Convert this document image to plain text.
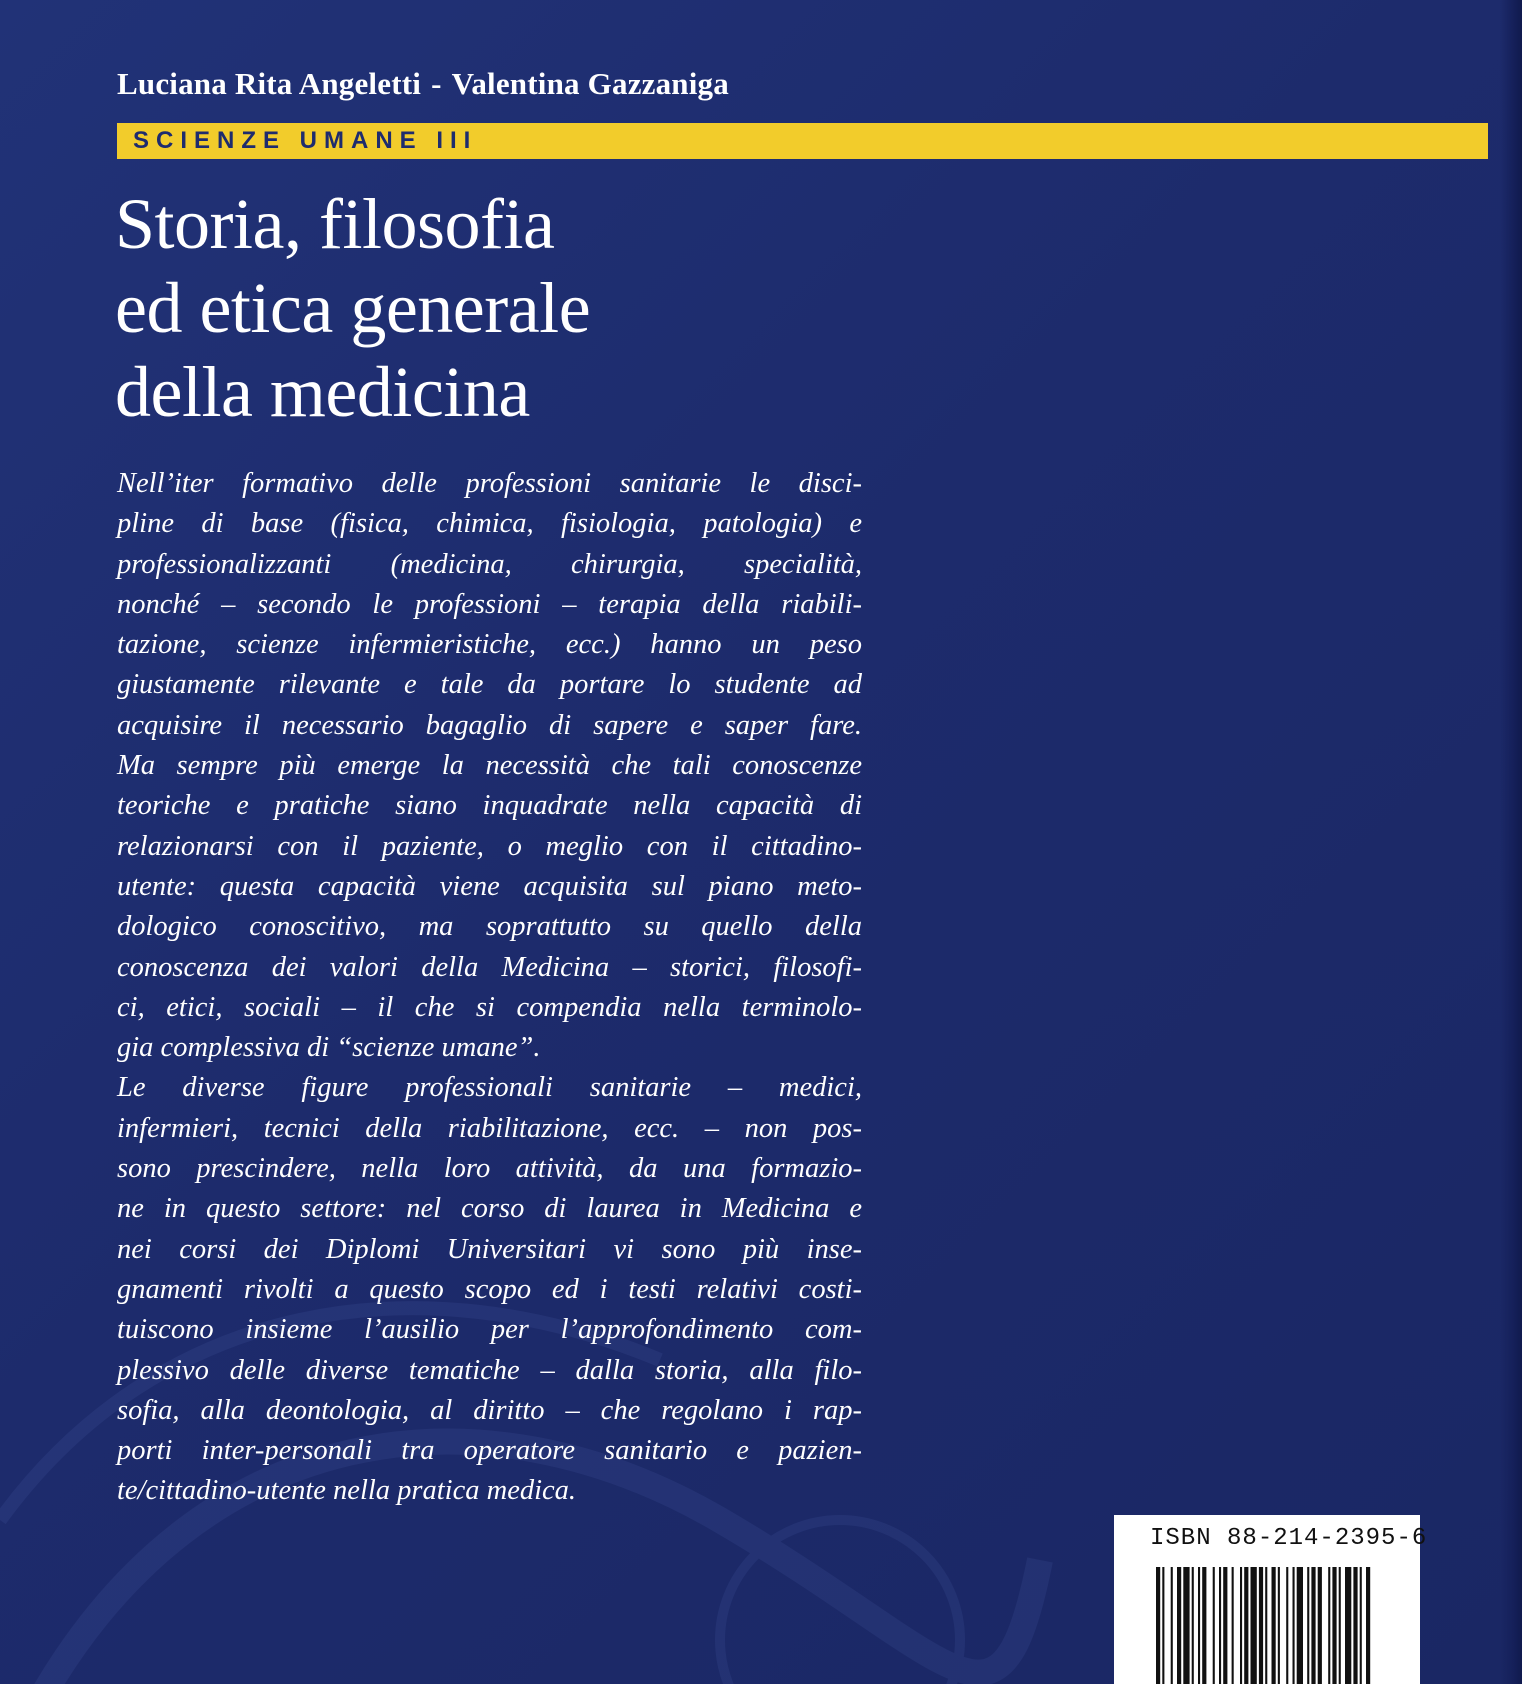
Luciana Rita Angeletti - Valentina Gazzaniga
SCIENZE UMANE III
Storia, filosofia
ed etica generale
della medicina
Nell’iter formativo delle professioni sanitarie le disci-
pline di base (fisica, chimica, fisiologia, patologia) e
professionalizzanti (medicina, chirurgia, specialità,
nonché – secondo le professioni – terapia della riabili-
tazione, scienze infermieristiche, ecc.) hanno un peso
giustamente rilevante e tale da portare lo studente ad
acquisire il necessario bagaglio di sapere e saper fare.
Ma sempre più emerge la necessità che tali conoscenze
teoriche e pratiche siano inquadrate nella capacità di
relazionarsi con il paziente, o meglio con il cittadino-
utente: questa capacità viene acquisita sul piano meto-
dologico conoscitivo, ma soprattutto su quello della
conoscenza dei valori della Medicina – storici, filosofi-
ci, etici, sociali – il che si compendia nella terminolo-
gia complessiva di “scienze umane”.
Le diverse figure professionali sanitarie – medici,
infermieri, tecnici della riabilitazione, ecc. – non pos-
sono prescindere, nella loro attività, da una formazio-
ne in questo settore: nel corso di laurea in Medicina e
nei corsi dei Diplomi Universitari vi sono più inse-
gnamenti rivolti a questo scopo ed i testi relativi costi-
tuiscono insieme l’ausilio per l’approfondimento com-
plessivo delle diverse tematiche – dalla storia, alla filo-
sofia, alla deontologia, al diritto – che regolano i rap-
porti inter-personali tra operatore sanitario e pazien-
te/cittadino-utente nella pratica medica.
ISBN 88-214-2395-6
